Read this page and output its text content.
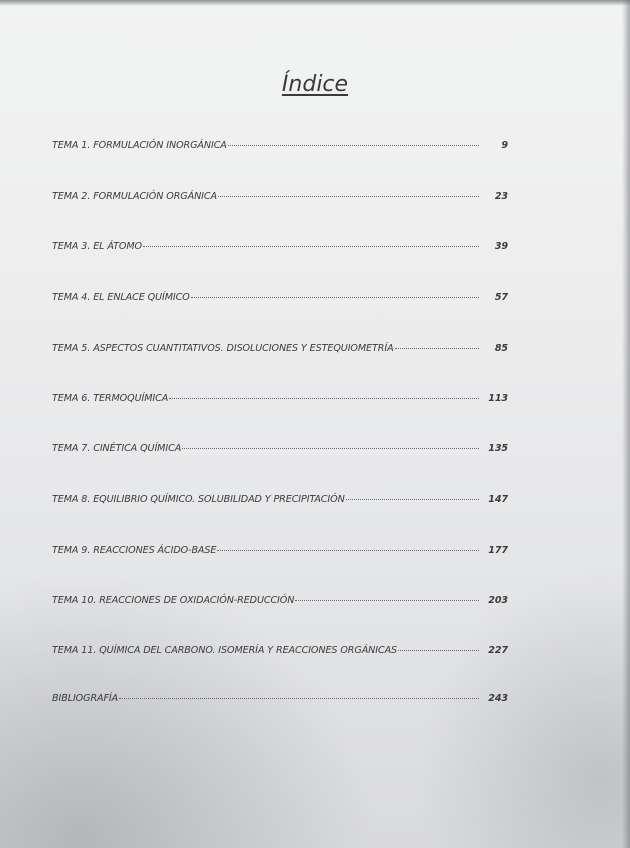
Índice
TEMA 1. FORMULACIÓN INORGÁNICA	9
TEMA 2. FORMULACIÓN ORGÁNICA	23
TEMA 3. EL ÁTOMO	39
TEMA 4. EL ENLACE QUÍMICO	57
TEMA 5. ASPECTOS CUANTITATIVOS. DISOLUCIONES Y ESTEQUIOMETRÍA	85
TEMA 6. TERMOQUÍMICA	113
TEMA 7. CINÉTICA QUÍMICA	135
TEMA 8. EQUILIBRIO QUÍMICO. SOLUBILIDAD Y PRECIPITACIÓN	147
TEMA 9. REACCIONES ÁCIDO-BASE	177
TEMA 10. REACCIONES DE OXIDACIÓN-REDUCCIÓN	203
TEMA 11. QUÍMICA DEL CARBONO. ISOMERÍA Y REACCIONES ORGÁNICAS	227
BIBLIOGRAFÍA	243
